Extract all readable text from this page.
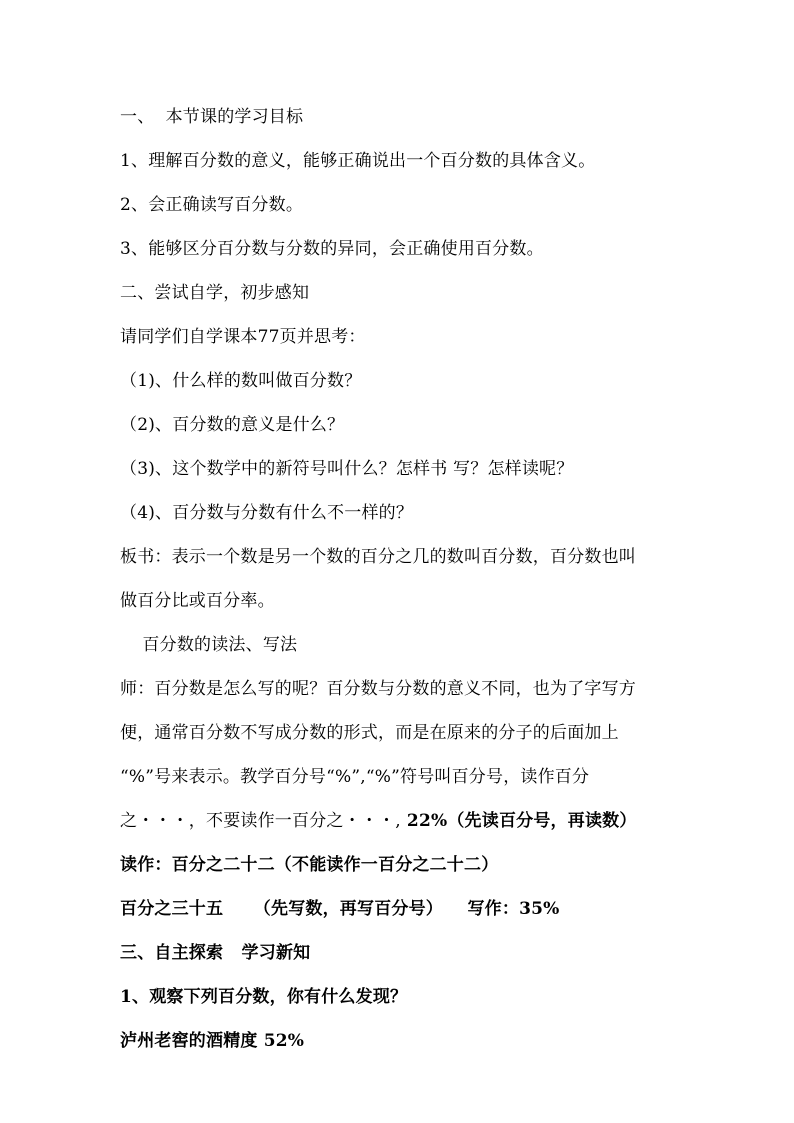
一、  本节课的学习目标
1、理解百分数的意义，能够正确说出一个百分数的具体含义。
2、会正确读写百分数。
3、能够区分百分数与分数的异同，会正确使用百分数。
二、尝试自学，初步感知
请同学们自学课本77页并思考：
（1)、什么样的数叫做百分数？
（2)、百分数的意义是什么？
（3)、这个数学中的新符号叫什么？怎样书 写？怎样读呢？
（4)、百分数与分数有什么不一样的？
板书：表示一个数是另一个数的百分之几的数叫百分数，百分数也叫
做百分比或百分率。
百分数的读法、写法
师：百分数是怎么写的呢？百分数与分数的意义不同，也为了字写方
便，通常百分数不写成分数的形式，而是在原来的分子的后面加上
“%”号来表示。教学百分号“%”,“%”符号叫百分号，读作百分
之・・・，不要读作一百分之・・・, 22%（先读百分号，再读数）
读作：百分之二十二（不能读作一百分之二十二）
百分之三十五     （先写数，再写百分号）    写作：35%
三、自主探索   学习新知
1、观察下列百分数，你有什么发现？
泸州老窖的酒精度 52%
